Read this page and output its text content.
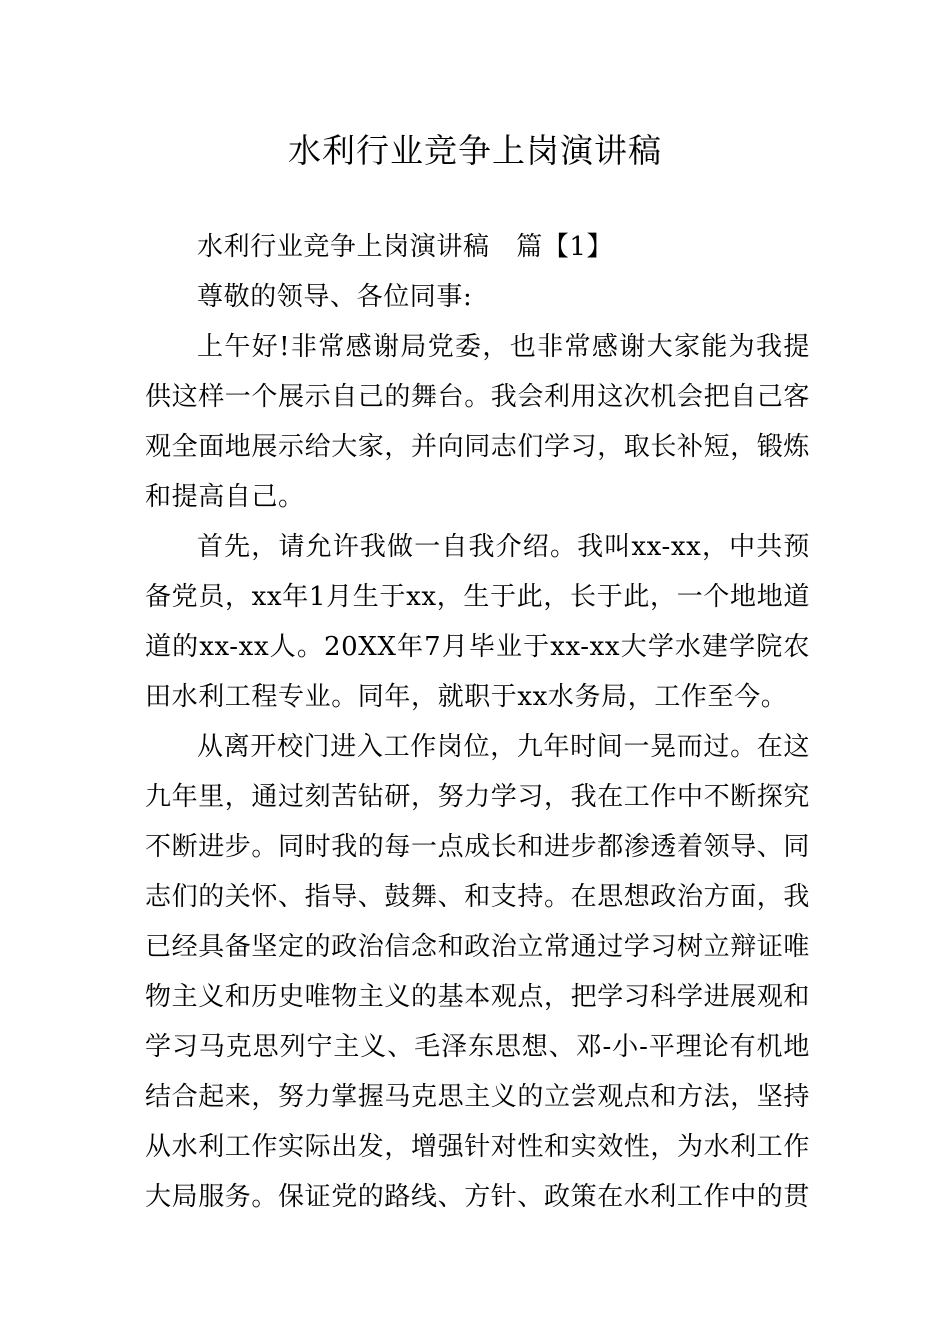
水利行业竞争上岗演讲稿

水利行业竞争上岗演讲稿　篇【1】

尊敬的领导、各位同事:

上午好!非常感谢局党委，也非常感谢大家能为我提供这样一个展示自己的舞台。我会利用这次机会把自己客观全面地展示给大家，并向同志们学习，取长补短，锻炼和提高自己。

首先，请允许我做一自我介绍。我叫xx-xx，中共预备党员，xx年1月生于xx，生于此，长于此，一个地地道道的xx-xx人。20XX年7月毕业于xx-xx大学水建学院农田水利工程专业。同年，就职于xx水务局，工作至今。

从离开校门进入工作岗位，九年时间一晃而过。在这九年里，通过刻苦钻研，努力学习，我在工作中不断探究不断进步。同时我的每一点成长和进步都渗透着领导、同志们的关怀、指导、鼓舞、和支持。在思想政治方面，我已经具备坚定的政治信念和政治立常通过学习树立辩证唯物主义和历史唯物主义的基本观点，把学习科学进展观和学习马克思列宁主义、毛泽东思想、邓-小-平理论有机地结合起来，努力掌握马克思主义的立尝观点和方法，坚持从水利工作实际出发，增强针对性和实效性，为水利工作大局服务。保证党的路线、方针、政策在水利工作中的贯
